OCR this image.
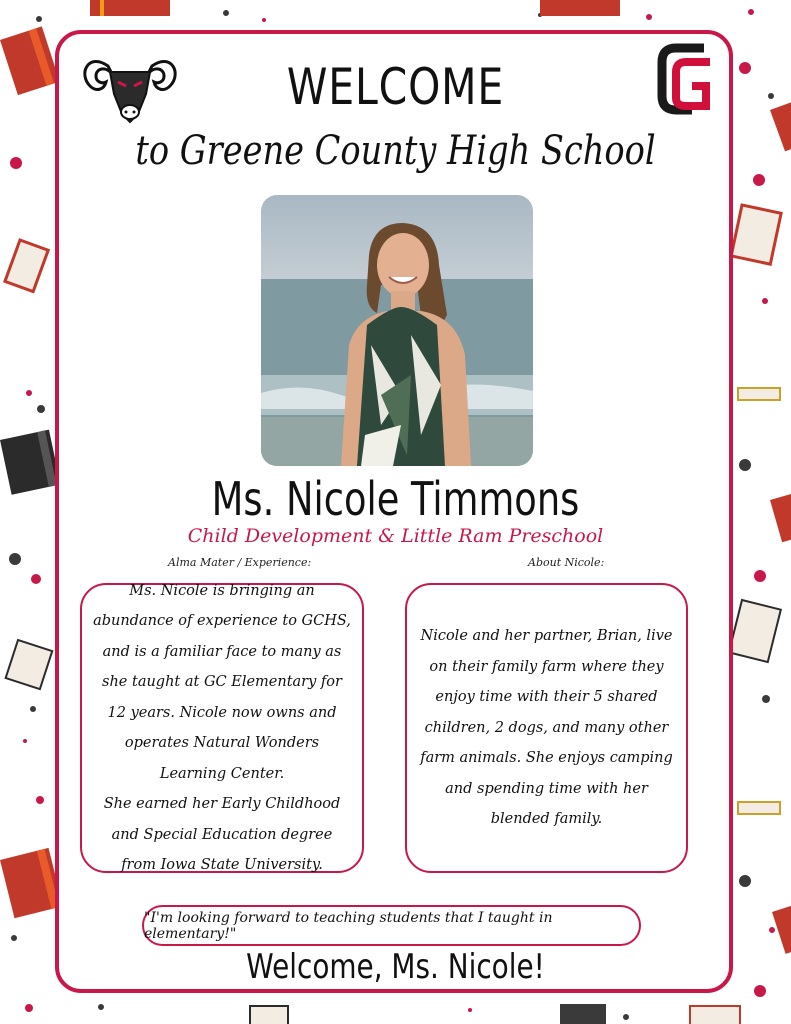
WELCOME
to Greene County High School
Ms. Nicole Timmons
Child Development & Little Ram Preschool
Alma Mater / Experience:	About Nicole:

Ms. Nicole is bringing an abundance of experience to GCHS, and is a familiar face to many as she taught at GC Elementary for 12 years. Nicole now owns and operates Natural Wonders Learning Center.

She earned her Early Childhood and Special Education degree from Iowa State University.

Nicole and her partner, Brian, live on their family farm where they enjoy time with their 5 shared children, 2 dogs, and many other farm animals. She enjoys camping and spending time with her blended family.

"I'm looking forward to teaching students that I taught in elementary!"
Welcome, Ms. Nicole!
